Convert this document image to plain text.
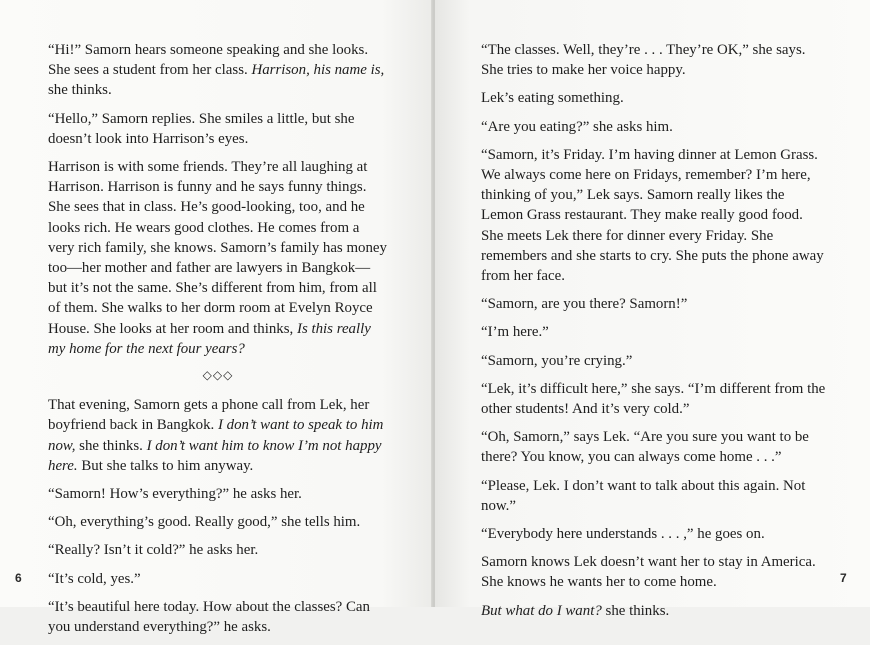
“Hi!” Samorn hears someone speaking and she looks. She sees a student from her class. Harrison, his name is, she thinks.

“Hello,” Samorn replies. She smiles a little, but she doesn’t look into Harrison’s eyes.

Harrison is with some friends. They’re all laughing at Harrison. Harrison is funny and he says funny things. She sees that in class. He’s good-looking, too, and he looks rich. He wears good clothes. He comes from a very rich family, she knows. Samorn’s family has money too—her mother and father are lawyers in Bangkok—but it’s not the same. She’s different from him, from all of them. She walks to her dorm room at Evelyn Royce House. She looks at her room and thinks, Is this really my home for the next four years?

◇◇◇

That evening, Samorn gets a phone call from Lek, her boyfriend back in Bangkok. I don’t want to speak to him now, she thinks. I don’t want him to know I’m not happy here. But she talks to him anyway.

“Samorn! How’s everything?” he asks her.

“Oh, everything’s good. Really good,” she tells him.

“Really? Isn’t it cold?” he asks her.

“It’s cold, yes.”

“It’s beautiful here today. How about the classes? Can you understand everything?” he asks.

6

“The classes. Well, they’re . . . They’re OK,” she says. She tries to make her voice happy.

Lek’s eating something.

“Are you eating?” she asks him.

“Samorn, it’s Friday. I’m having dinner at Lemon Grass. We always come here on Fridays, remember? I’m here, thinking of you,” Lek says. Samorn really likes the Lemon Grass restaurant. They make really good food. She meets Lek there for dinner every Friday. She remembers and she starts to cry. She puts the phone away from her face.

“Samorn, are you there? Samorn!”

“I’m here.”

“Samorn, you’re crying.”

“Lek, it’s difficult here,” she says. “I’m different from the other students! And it’s very cold.”

“Oh, Samorn,” says Lek. “Are you sure you want to be there? You know, you can always come home . . .”

“Please, Lek. I don’t want to talk about this again. Not now.”

“Everybody here understands . . . ,” he goes on.

Samorn knows Lek doesn’t want her to stay in America. She knows he wants her to come home.

But what do I want? she thinks.

7
